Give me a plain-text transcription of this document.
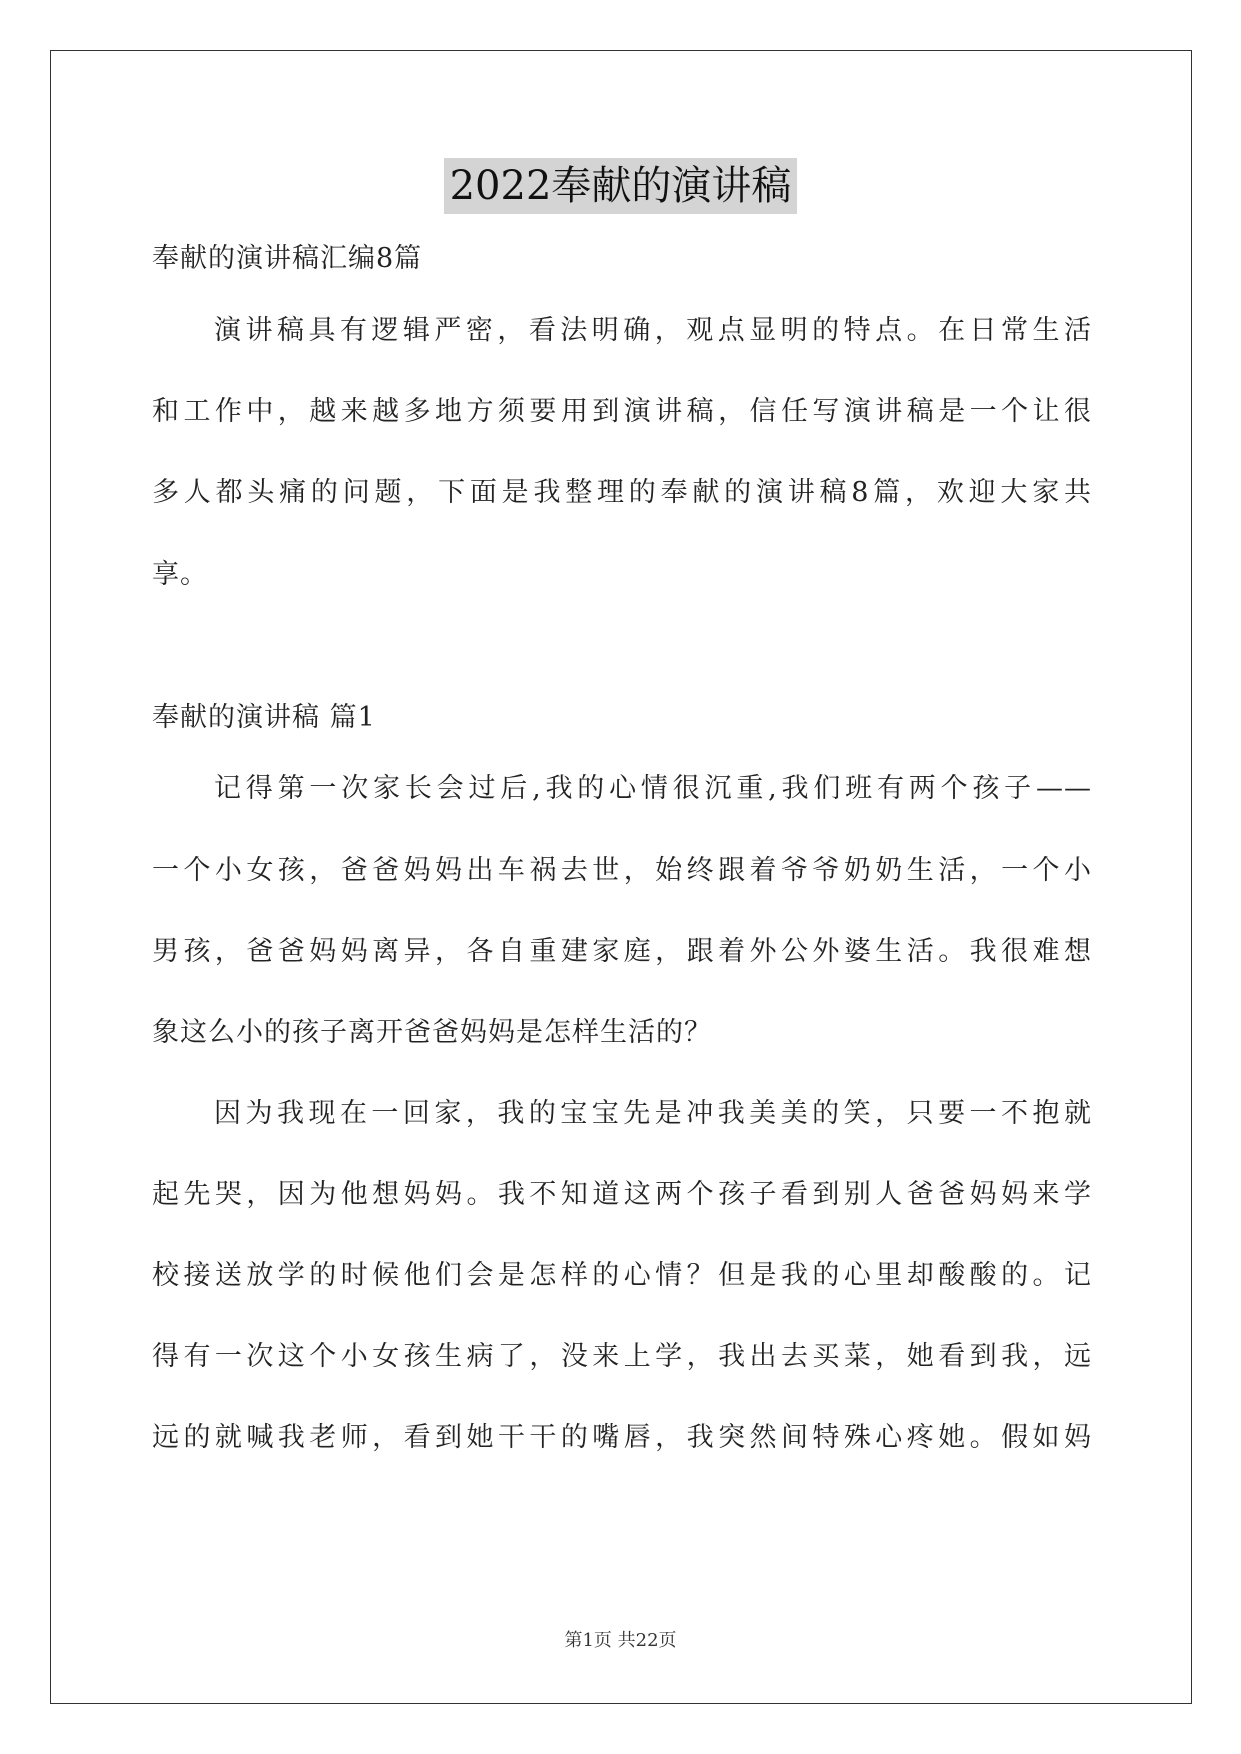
2022奉献的演讲稿
奉献的演讲稿汇编8篇
演讲稿具有逻辑严密，看法明确，观点显明的特点。在日常生活
和工作中，越来越多地方须要用到演讲稿，信任写演讲稿是一个让很
多人都头痛的问题，下面是我整理的奉献的演讲稿8篇，欢迎大家共
享。
奉献的演讲稿 篇1
记得第一次家长会过后,我的心情很沉重,我们班有两个孩子——
一个小女孩，爸爸妈妈出车祸去世，始终跟着爷爷奶奶生活，一个小
男孩，爸爸妈妈离异，各自重建家庭，跟着外公外婆生活。我很难想
象这么小的孩子离开爸爸妈妈是怎样生活的？
因为我现在一回家，我的宝宝先是冲我美美的笑，只要一不抱就
起先哭，因为他想妈妈。我不知道这两个孩子看到别人爸爸妈妈来学
校接送放学的时候他们会是怎样的心情？但是我的心里却酸酸的。记
得有一次这个小女孩生病了，没来上学，我出去买菜，她看到我，远
远的就喊我老师，看到她干干的嘴唇，我突然间特殊心疼她。假如妈
第1页 共22页
